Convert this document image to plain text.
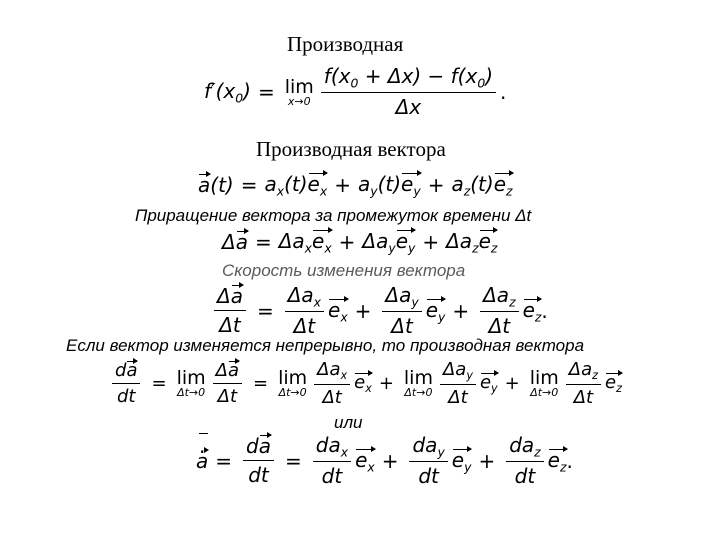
Производная
$f'(x_0) = \lim$
$x\to 0 \frac{f(x_0 + \Delta x) - f(x_0)}{\Delta x}$ .
Производная вектора
a $(t) = a_x(t) e_x + a_y(t) e_y + a_z(t)$ $e_z$
Приращение вектора за промежуток времени Δt
Δ $a = \Delta a_x$ $e_x + \Delta a_y$ $e_y + \Delta a_z$ $e_z$
Скорость изменения вектора
$\frac{\Delta a}{\Delta t} = \frac{\Delta a_x}{\Delta t} e_x + \frac{\Delta a_y}{\Delta t} e_y + \frac{\Delta a_z}{\Delta t} e_z$ .
Если вектор изменяется непрерывно, то производная вектора
$\frac{da}{dt} = \lim$
$\Delta t\to 0 \frac{\Delta a}{\Delta t} = \lim$
$\Delta t\to 0 \frac{\Delta a_x}{\Delta t} e_x + \lim$
$\Delta t\to 0 \frac{\Delta a_y}{\Delta t} e_y + \lim$
$\Delta t\to 0 \frac{\Delta a_z}{\Delta t} e_z$
или
a . = $\frac{da}{dt} = \frac{da_x}{dt} e_x + \frac{da_y}{dt} e_y + \frac{da_z}{dt} e_z$ .
